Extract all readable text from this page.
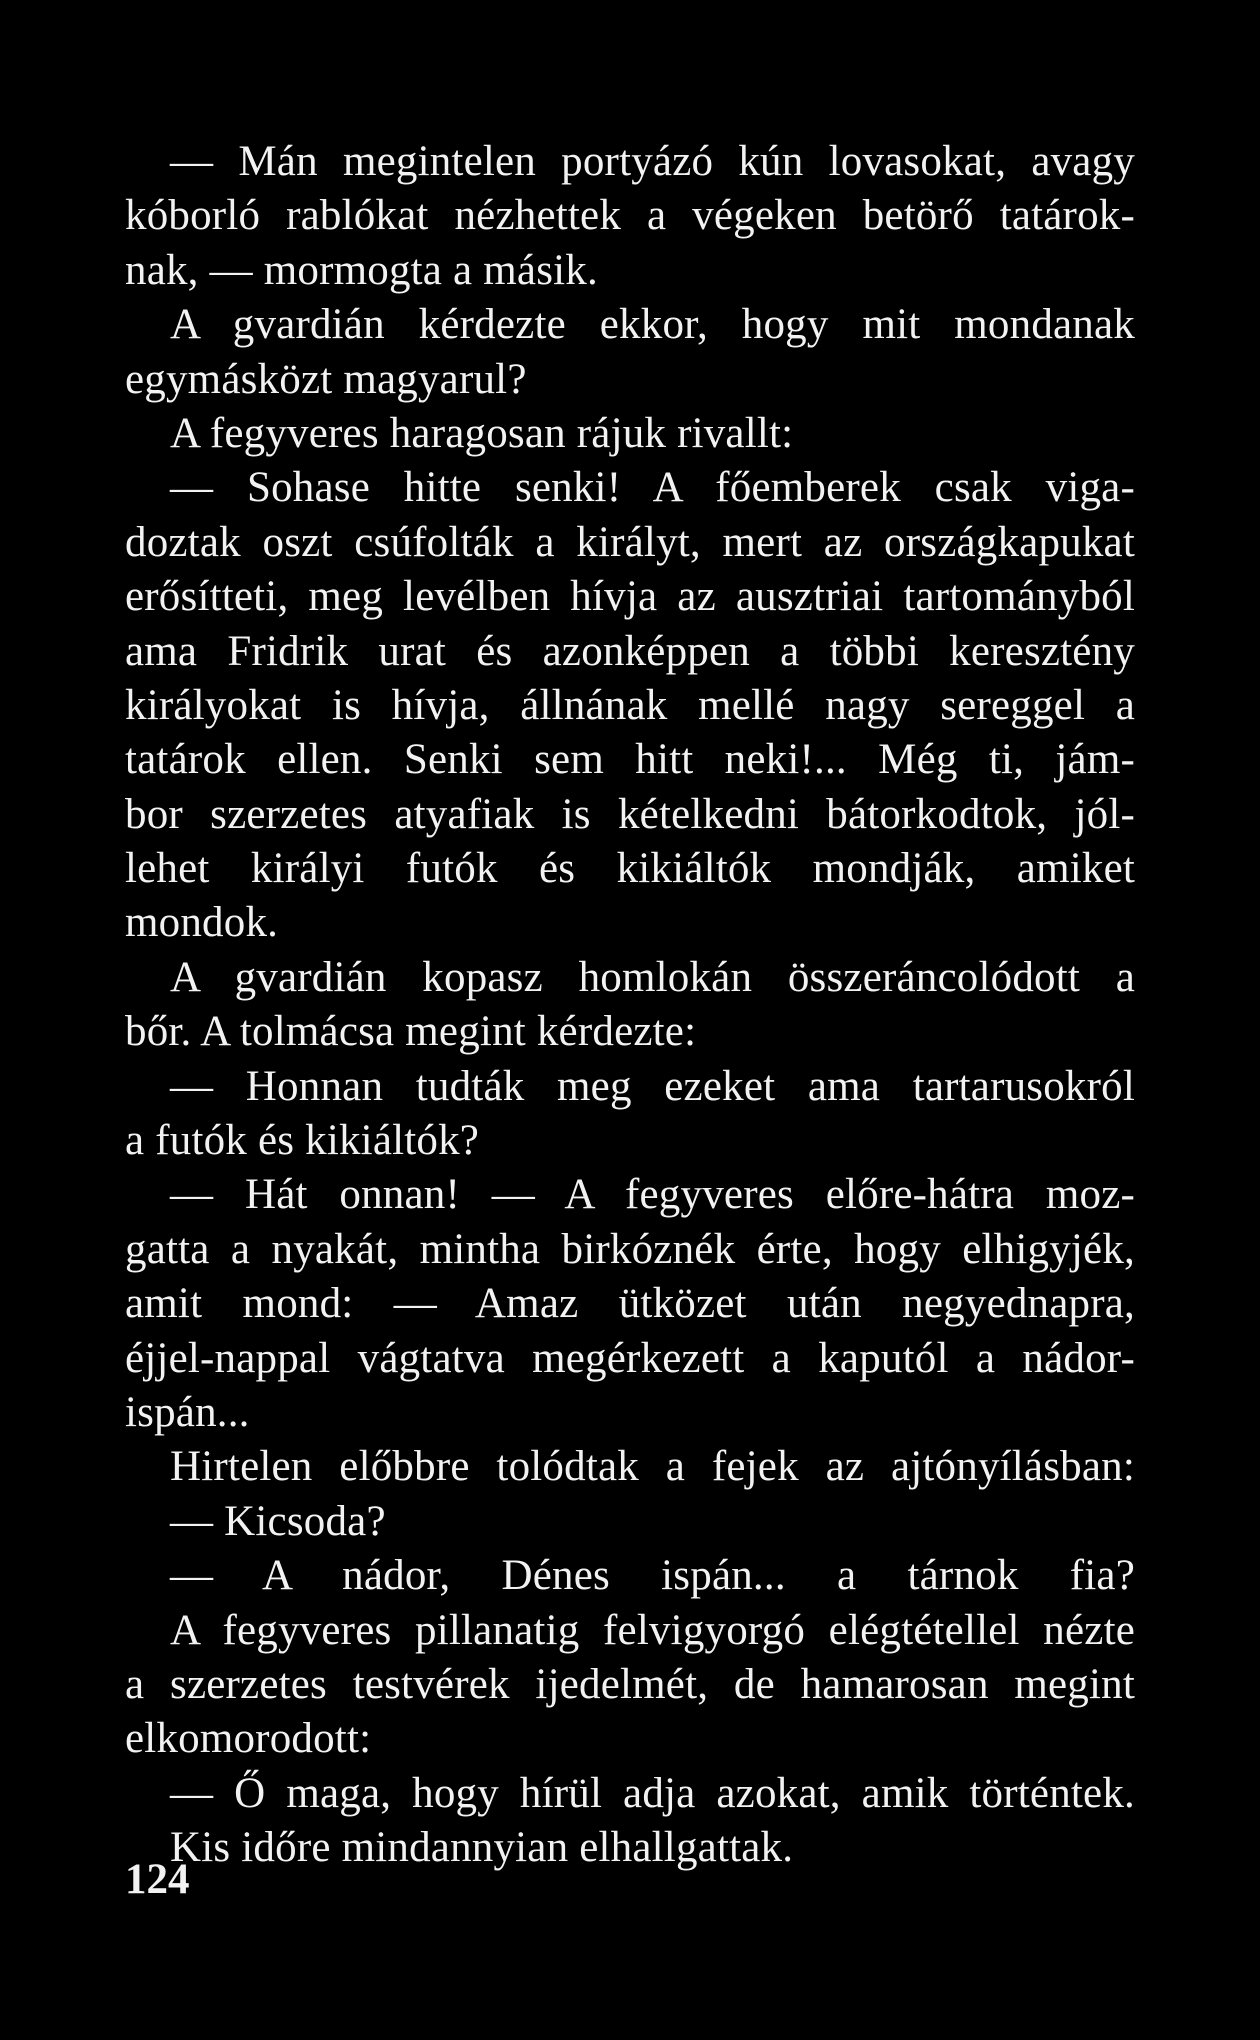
— Mán megintelen portyázó kún lovasokat, avagy
kóborló rablókat nézhettek a végeken betörő tatárok-
nak, — mormogta a másik.
A gvardián kérdezte ekkor, hogy mit mondanak
egymásközt magyarul?
A fegyveres haragosan rájuk rivallt:
— Sohase hitte senki! A főemberek csak viga-
doztak oszt csúfolták a királyt, mert az országkapukat
erősítteti, meg levélben hívja az ausztriai tartományból
ama Fridrik urat és azonképpen a többi keresztény
királyokat is hívja, állnának mellé nagy sereggel a
tatárok ellen. Senki sem hitt neki!... Még ti, jám-
bor szerzetes atyafiak is kételkedni bátorkodtok, jól-
lehet királyi futók és kikiáltók mondják, amiket
mondok.
A gvardián kopasz homlokán összeráncolódott a
bőr. A tolmácsa megint kérdezte:
— Honnan tudták meg ezeket ama tartarusokról
a futók és kikiáltók?
— Hát onnan! — A fegyveres előre-hátra moz-
gatta a nyakát, mintha birkóznék érte, hogy elhigyjék,
amit mond: — Amaz ütközet után negyednapra,
éjjel-nappal vágtatva megérkezett a kaputól a nádor-
ispán...
Hirtelen előbbre tolódtak a fejek az ajtónyílásban:
— Kicsoda?
— A nádor, Dénes ispán... a tárnok fia?
A fegyveres pillanatig felvigyorgó elégtétellel nézte
a szerzetes testvérek ijedelmét, de hamarosan megint
elkomorodott:
— Ő maga, hogy hírül adja azokat, amik történtek.
Kis időre mindannyian elhallgattak.
124
